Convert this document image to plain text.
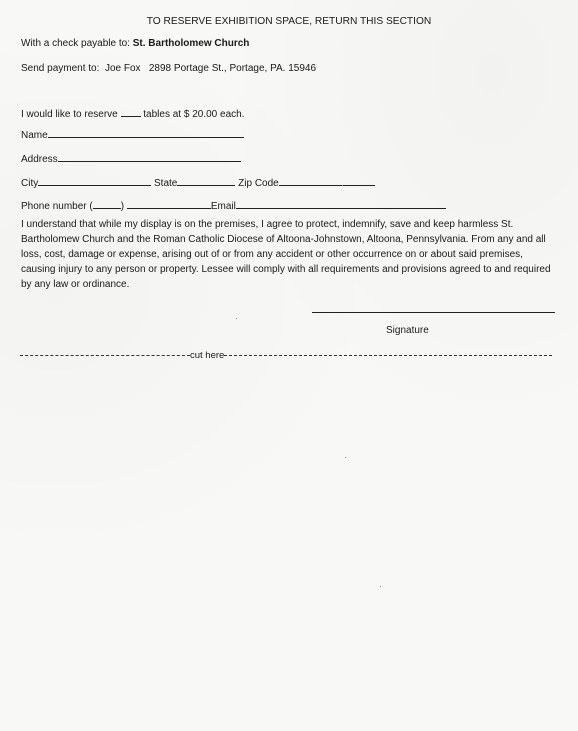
TO RESERVE EXHIBITION SPACE, RETURN THIS SECTION
With a check payable to: St. Bartholomew Church
Send payment to: Joe Fox 2898 Portage St., Portage, PA. 15946
I would like to reserve	tables at $ 20.00 each.
Name
Address
City	State	Zip Code
Phone number (	)	Email
I understand that while my display is on the premises, I agree to protect, indemnify, save and keep harmless St. Bartholomew Church and the Roman Catholic Diocese of Altoona-Johnstown, Altoona, Pennsylvania. From any and all loss, cost, damage or expense, arising out of or from any accident or other occurrence on or about said premises, causing injury to any person or property. Lessee will comply with all requirements and provisions agreed to and required by any law or ordinance.
Signature
cut here
